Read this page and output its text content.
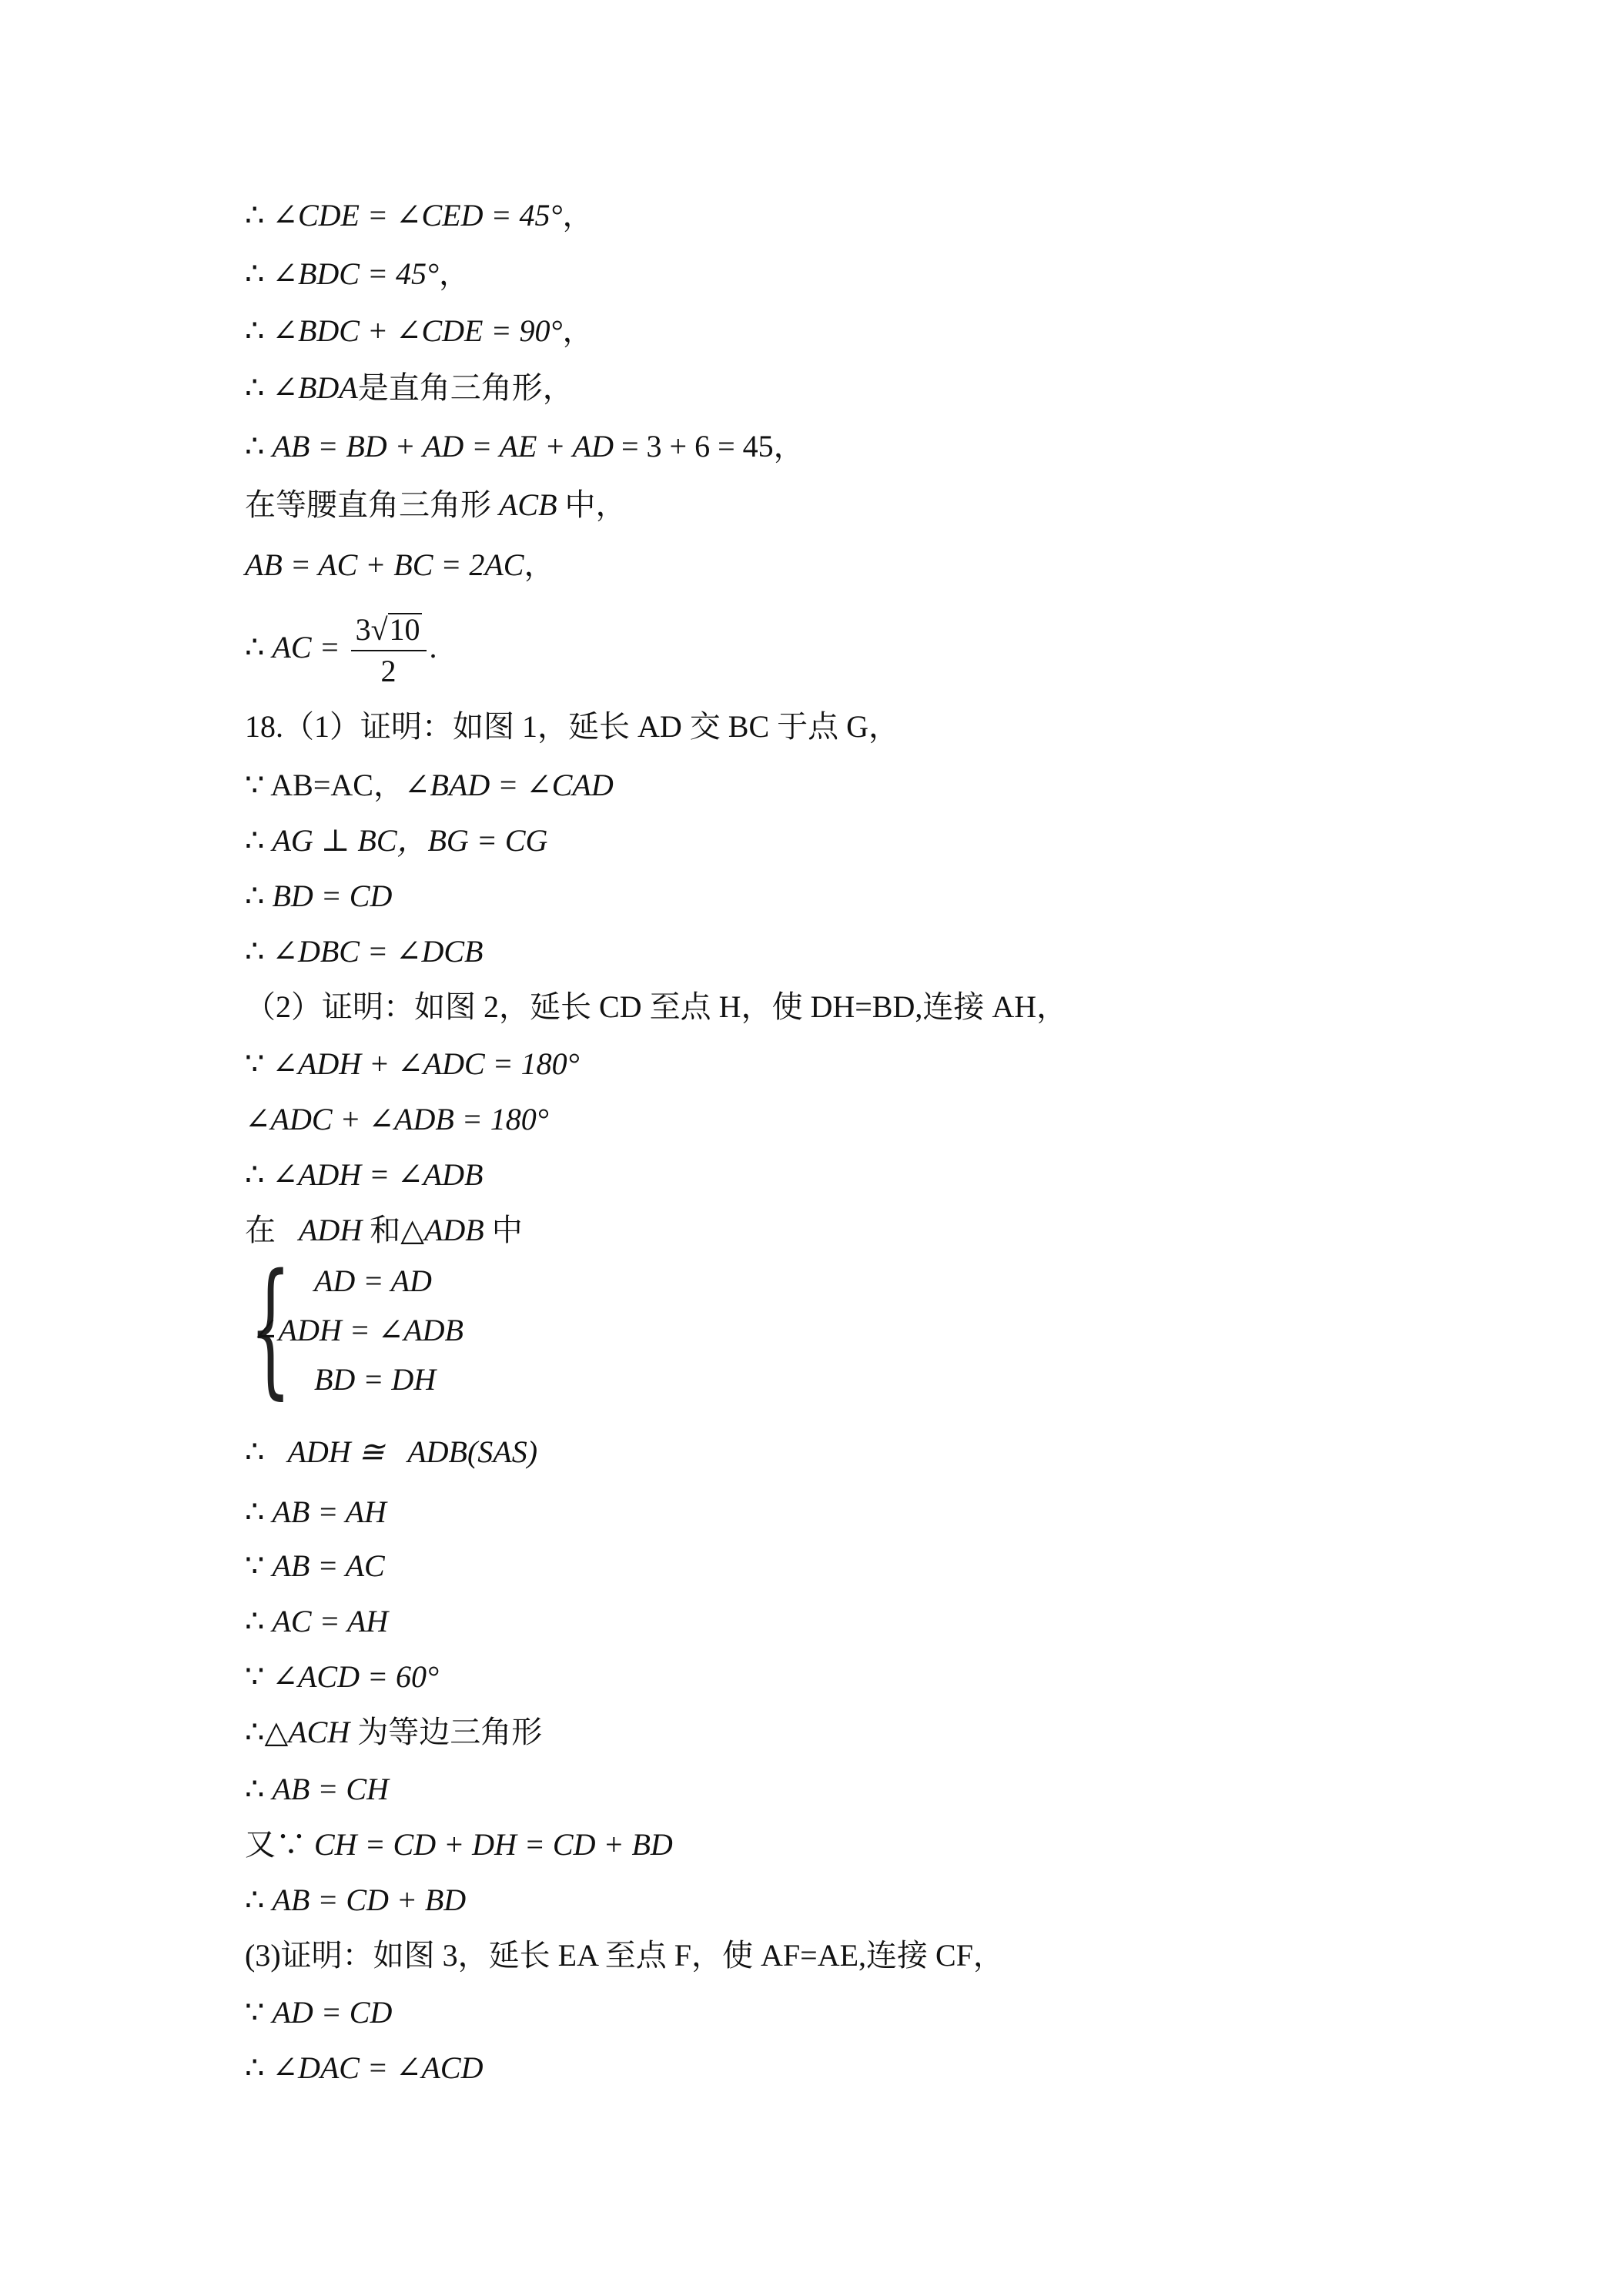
∴ ∠CDE = ∠CED = 45°，
∴ ∠BDC = 45°，
∴ ∠BDC + ∠CDE = 90°，
∴ ∠BDA是直角三角形，
∴ AB = BD + AD = AE + AD = 3 + 6 = 45，
在等腰直角三角形 ACB 中，
AB = AC + BC = 2AC，
∴ AC = $\frac{3√10}{2}$ .
18.（1）证明：如图 1，延长 AD 交 BC 于点 G，
∵ AB=AC，∠BAD = ∠CAD
∴ AG ⊥ BC，BG = CG
∴ BD = CD
∴ ∠DBC = ∠DCB
（2）证明：如图 2，延长 CD 至点 H，使 DH=BD,连接 AH，
∵ ∠ADH + ∠ADC = 180°
∠ADC + ∠ADB = 180°
∴ ∠ADH = ∠ADB
在 ADH 和△ADB 中
{ AD = AD
∠ADH = ∠ADB
BD = DH
∴ ADH ≅ ADB(SAS)
∴ AB = AH
∵ AB = AC
∴ AC = AH
∵ ∠ACD = 60°
∴△ACH 为等边三角形
∴ AB = CH
又∵ CH = CD + DH = CD + BD
∴ AB = CD + BD
(3)证明：如图 3，延长 EA 至点 F，使 AF=AE,连接 CF，
∵ AD = CD
∴ ∠DAC = ∠ACD
